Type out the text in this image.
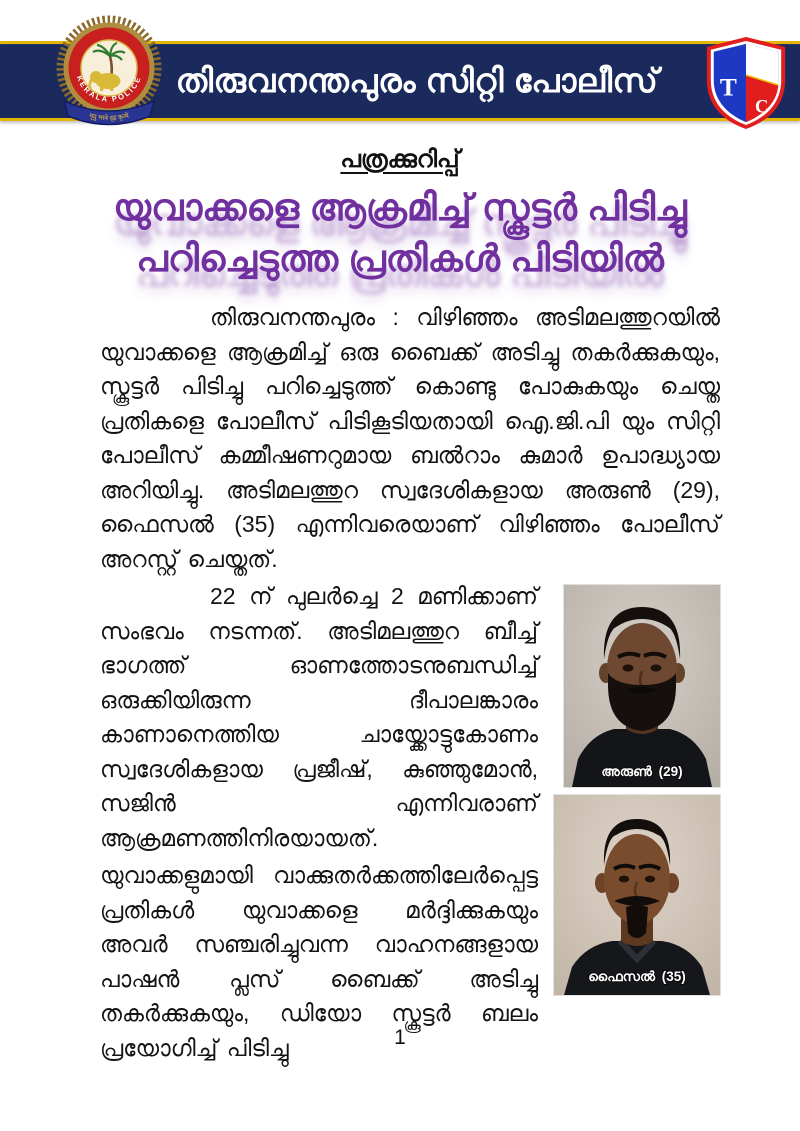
തിരുവനന്തപുരം സിറ്റി പോലീസ്
KERALA POLICE
मृदु भावे दृढ़ कृत्ये
T
C
പത്രക്കുറിപ്പ്
യുവാക്കളെ ആക്രമിച്ച് സ്കൂട്ടർ പിടിച്ചു
പറിച്ചെടുത്ത പ്രതികൾ പിടിയിൽ

തിരുവനന്തപുരം : വിഴിഞ്ഞം അടിമലത്തുറയിൽ യുവാക്കളെ ആക്രമിച്ച് ഒരു ബൈക്ക് അടിച്ചു തകർക്കുകയും, സ്കൂട്ടർ പിടിച്ചു പറിച്ചെടുത്ത് കൊണ്ടു പോകുകയും ചെയ്ത പ്രതികളെ പോലീസ് പിടികൂടിയതായി ഐ.ജി.പി യും സിറ്റി പോലീസ് കമ്മീഷണറുമായ ബൽറാം കുമാർ ഉപാദ്ധ്യായ അറിയിച്ചു. അടിമലത്തുറ സ്വദേശികളായ അരുൺ (29), ഫൈസൽ (35) എന്നിവരെയാണ് വിഴിഞ്ഞം പോലീസ് അറസ്റ്റ് ചെയ്തത്.

അരുൺ (29)
ഫൈസൽ (35)

22 ന് പുലർച്ചെ 2 മണിക്കാണ് സംഭവം നടന്നത്. അടിമലത്തുറ ബീച്ച് ഭാഗത്ത് ഓണത്തോടനുബന്ധിച്ച് ഒരുക്കിയിരുന്ന ദീപാലങ്കാരം കാണാനെത്തിയ ചായ്ക്കോട്ടുകോണം സ്വദേശികളായ പ്രജീഷ്, കുഞ്ഞുമോൻ, സജിൻ എന്നിവരാണ് ആക്രമണത്തിനിരയായത്.

യുവാക്കളുമായി വാക്കുതർക്കത്തിലേർപ്പെട്ട പ്രതികൾ യുവാക്കളെ മർദ്ദിക്കുകയും അവർ സഞ്ചരിച്ചുവന്ന വാഹനങ്ങളായ പാഷൻ പ്ലസ് ബൈക്ക് അടിച്ചു തകർക്കുകയും, ഡിയോ സ്കൂട്ടർ ബലം പ്രയോഗിച്ച് പിടിച്ചു	1
